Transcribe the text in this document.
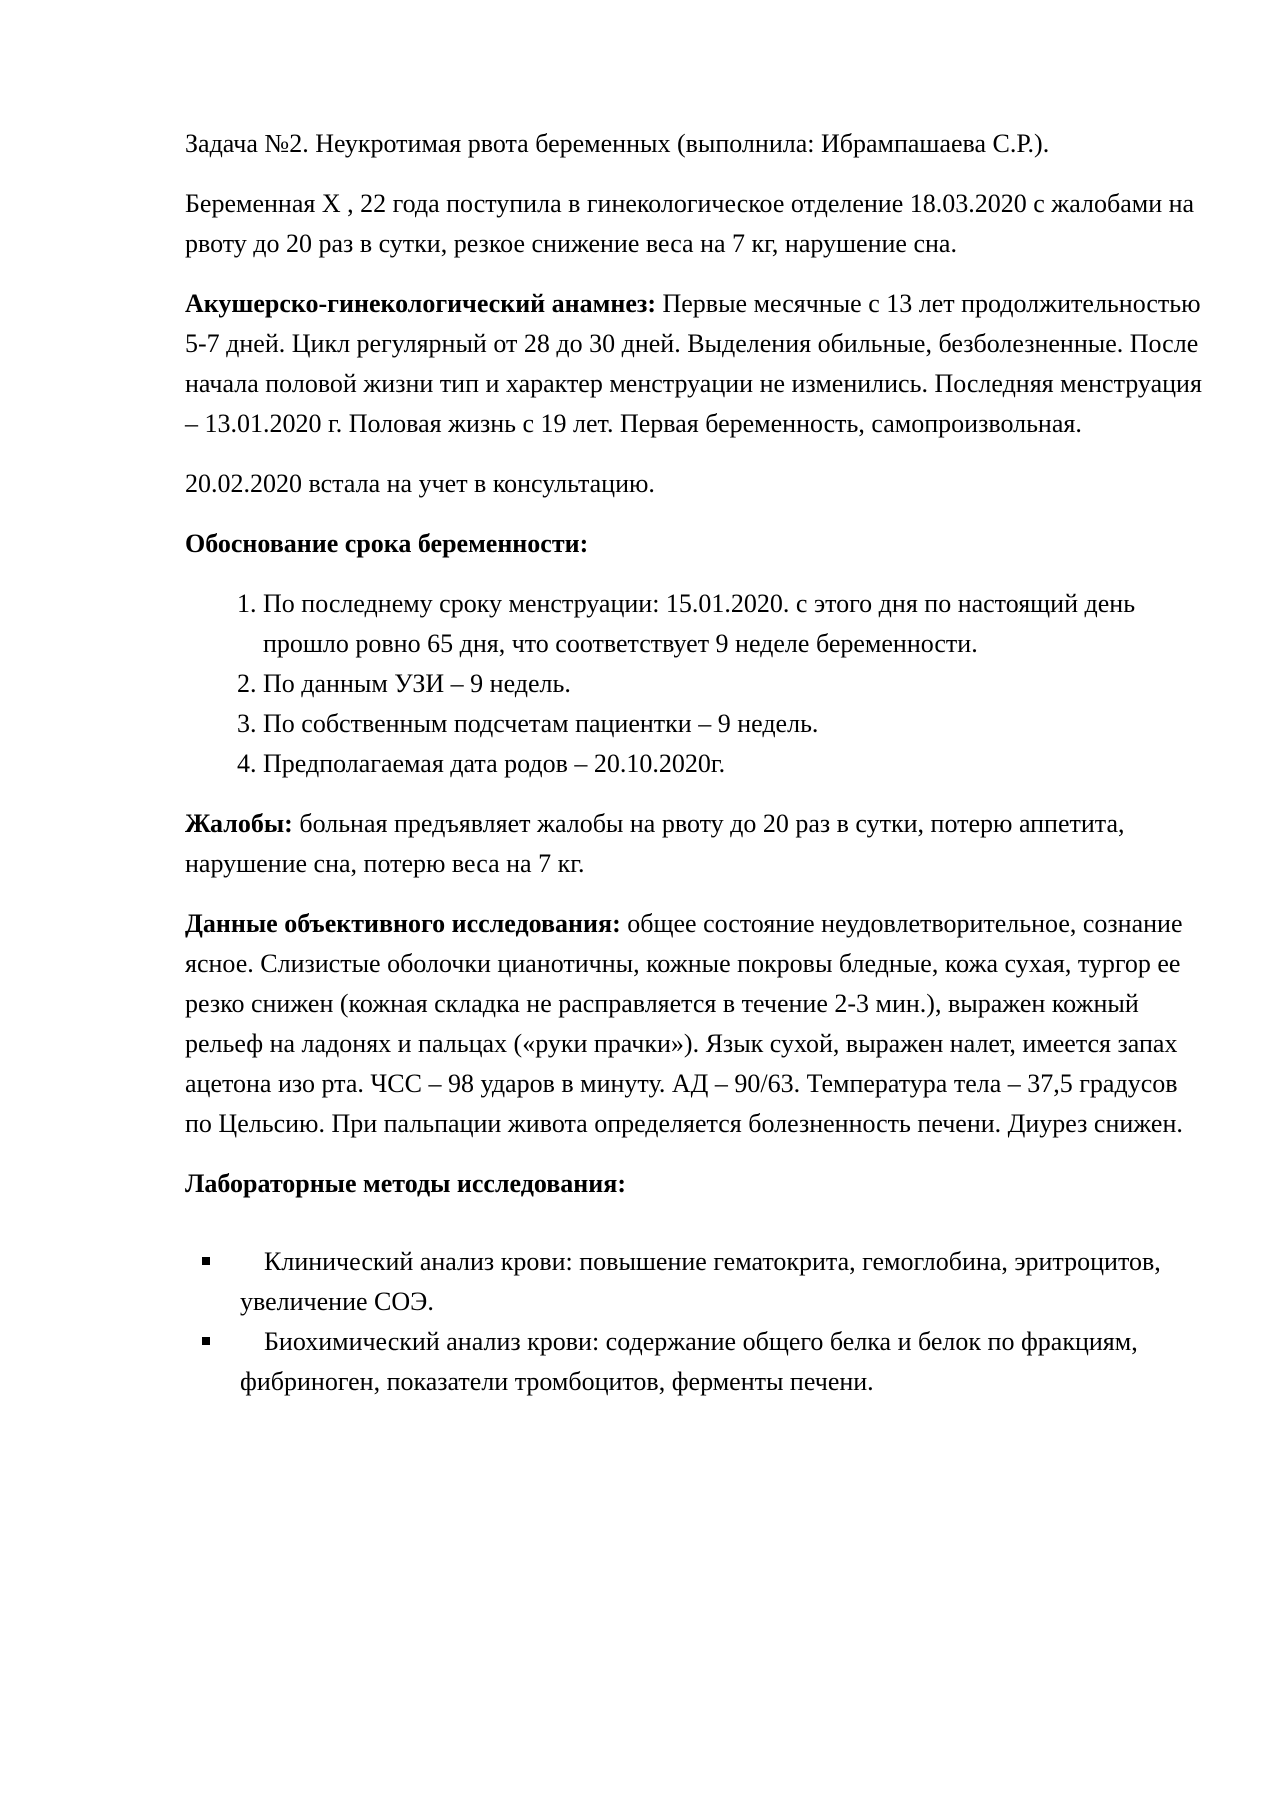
Задача №2. Неукротимая рвота беременных (выполнила: Ибрампашаева С.Р.).

Беременная Х , 22 года поступила в гинекологическое отделение 18.03.2020 с жалобами на рвоту до 20 раз в сутки, резкое снижение веса на 7 кг, нарушение сна.

Акушерско-гинекологический анамнез: Первые месячные с 13 лет продолжительностью 5-7 дней. Цикл регулярный от 28 до 30 дней. Выделения обильные, безболезненные. После начала половой жизни тип и характер менструации не изменились. Последняя менструация – 13.01.2020 г. Половая жизнь с 19 лет. Первая беременность, самопроизвольная.

20.02.2020 встала на учет в консультацию.

Обоснование срока беременности:

1. По последнему сроку менструации: 15.01.2020. с этого дня по настоящий день прошло ровно 65 дня, что соответствует 9 неделе беременности.
2. По данным УЗИ – 9 недель.
3. По собственным подсчетам пациентки – 9 недель.
4. Предполагаемая дата родов – 20.10.2020г.

Жалобы: больная предъявляет жалобы на рвоту до 20 раз в сутки, потерю аппетита, нарушение сна, потерю веса на 7 кг.

Данные объективного исследования: общее состояние неудовлетворительное, сознание ясное. Слизистые оболочки цианотичны, кожные покровы бледные, кожа сухая, тургор ее резко снижен (кожная складка не расправляется в течение 2-3 мин.), выражен кожный рельеф на ладонях и пальцах («руки прачки»). Язык сухой, выражен налет, имеется запах ацетона изо рта. ЧСС – 98 ударов в минуту. АД – 90/63. Температура тела – 37,5 градусов по Цельсию. При пальпации живота определяется болезненность печени. Диурез снижен.

Лабораторные методы исследования:

Клинический анализ крови: повышение гематокрита, гемоглобина, эритроцитов, увеличение СОЭ.
Биохимический анализ крови: содержание общего белка и белок по фракциям, фибриноген, показатели тромбоцитов, ферменты печени.
